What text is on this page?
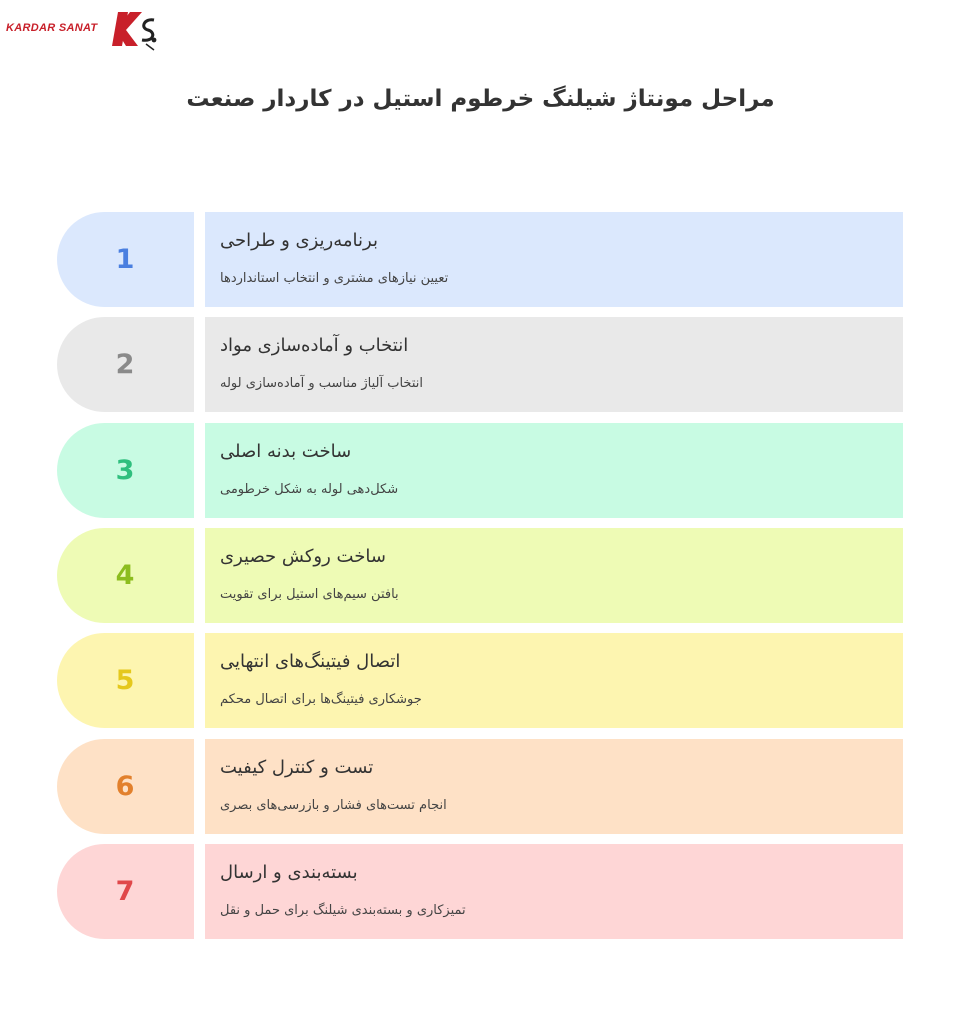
KARDAR SANAT
مراحل مونتاژ شیلنگ خرطوم استیل در کاردار صنعت
1
برنامه‌ریزی و طراحی
تعیین نیازهای مشتری و انتخاب استانداردها
2
انتخاب و آماده‌سازی مواد
انتخاب آلیاژ مناسب و آماده‌سازی لوله
3
ساخت بدنه اصلی
شکل‌دهی لوله به شکل خرطومی
4
ساخت روکش حصیری
بافتن سیم‌های استیل برای تقویت
5
اتصال فیتینگ‌های انتهایی
جوشکاری فیتینگ‌ها برای اتصال محکم
6
تست و کنترل کیفیت
انجام تست‌های فشار و بازرسی‌های بصری
7
بسته‌بندی و ارسال
تمیزکاری و بسته‌بندی شیلنگ برای حمل و نقل
